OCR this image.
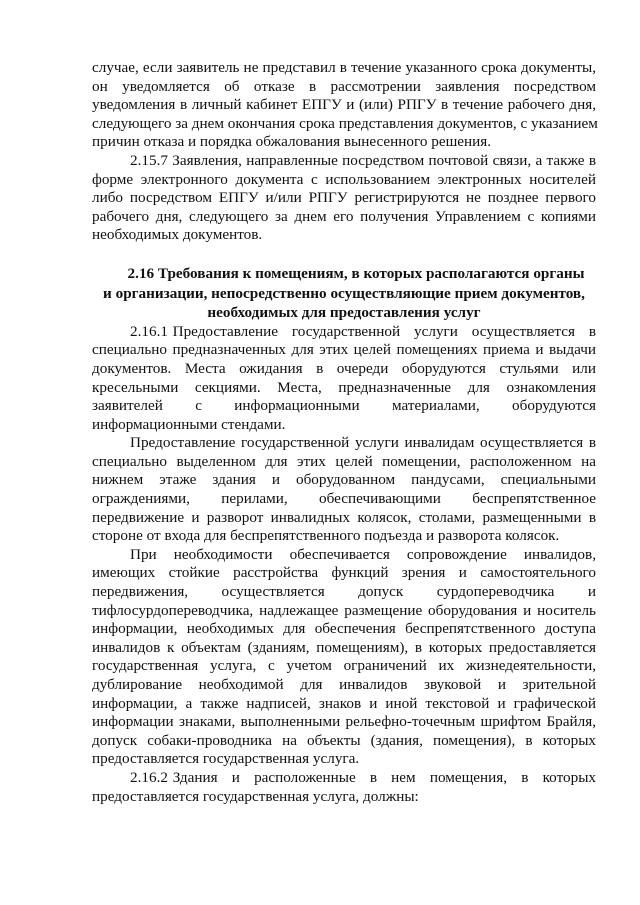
случае, если заявитель не представил в течение указанного срока документы,
он   уведомляется   об   отказе   в   рассмотрении   заявления   посредством
уведомления в личный кабинет ЕПГУ и (или) РПГУ в течение рабочего дня,
следующего за днем окончания срока представления документов, с указанием
причин отказа и порядка обжалования вынесенного решения.
2.15.7 Заявления, направленные посредством почтовой связи, а также в
форме электронного документа с использованием электронных носителей
либо посредством ЕПГУ и/или РПГУ регистрируются не позднее первого
рабочего дня, следующего за днем его получения Управлением с копиями
необходимых документов.
2.16 Требования к помещениям, в которых располагаются органы
и организации, непосредственно осуществляющие прием документов,
необходимых для предоставления услуг
2.16.1 Предоставление   государственной   услуги   осуществляется   в
специально предназначенных для этих целей помещениях приема и выдачи
документов.  Места  ожидания  в  очереди  оборудуются  стульями  или
кресельными   секциями.   Места,   предназначенные   для   ознакомления
заявителей        с        информационными        материалами,        оборудуются
информационными стендами.
Предоставление государственной услуги инвалидам осуществляется в
специально выделенном для этих целей помещении, расположенном на
нижнем   этаже   здания   и   оборудованном   пандусами,   специальными
ограждениями,       перилами,       обеспечивающими       беспрепятственное
передвижение и разворот инвалидных колясок, столами, размещенными в
стороне от входа для беспрепятственного подъезда и разворота колясок.
При   необходимости   обеспечивается   сопровождение   инвалидов,
имеющих  стойкие  расстройства  функций  зрения  и  самостоятельного
передвижения,       осуществляется       допуск       сурдопереводчика       и
тифлосурдопереводчика, надлежащее размещение оборудования и носитель
информации, необходимых для обеспечения беспрепятственного доступа
инвалидов к объектам (зданиям, помещениям), в которых предоставляется
государственная  услуга,  с  учетом  ограничений  их  жизнедеятельности,
дублирование   необходимой   для   инвалидов   звуковой   и   зрительной
информации, а также надписей, знаков и иной текстовой и графической
информации знаками, выполненными рельефно-точечным шрифтом Брайля,
допуск  собаки-проводника  на  объекты  (здания,  помещения),  в  которых
предоставляется государственная услуга.
2.16.2 Здания   и   расположенные   в   нем   помещения,   в   которых
предоставляется государственная услуга, должны:
